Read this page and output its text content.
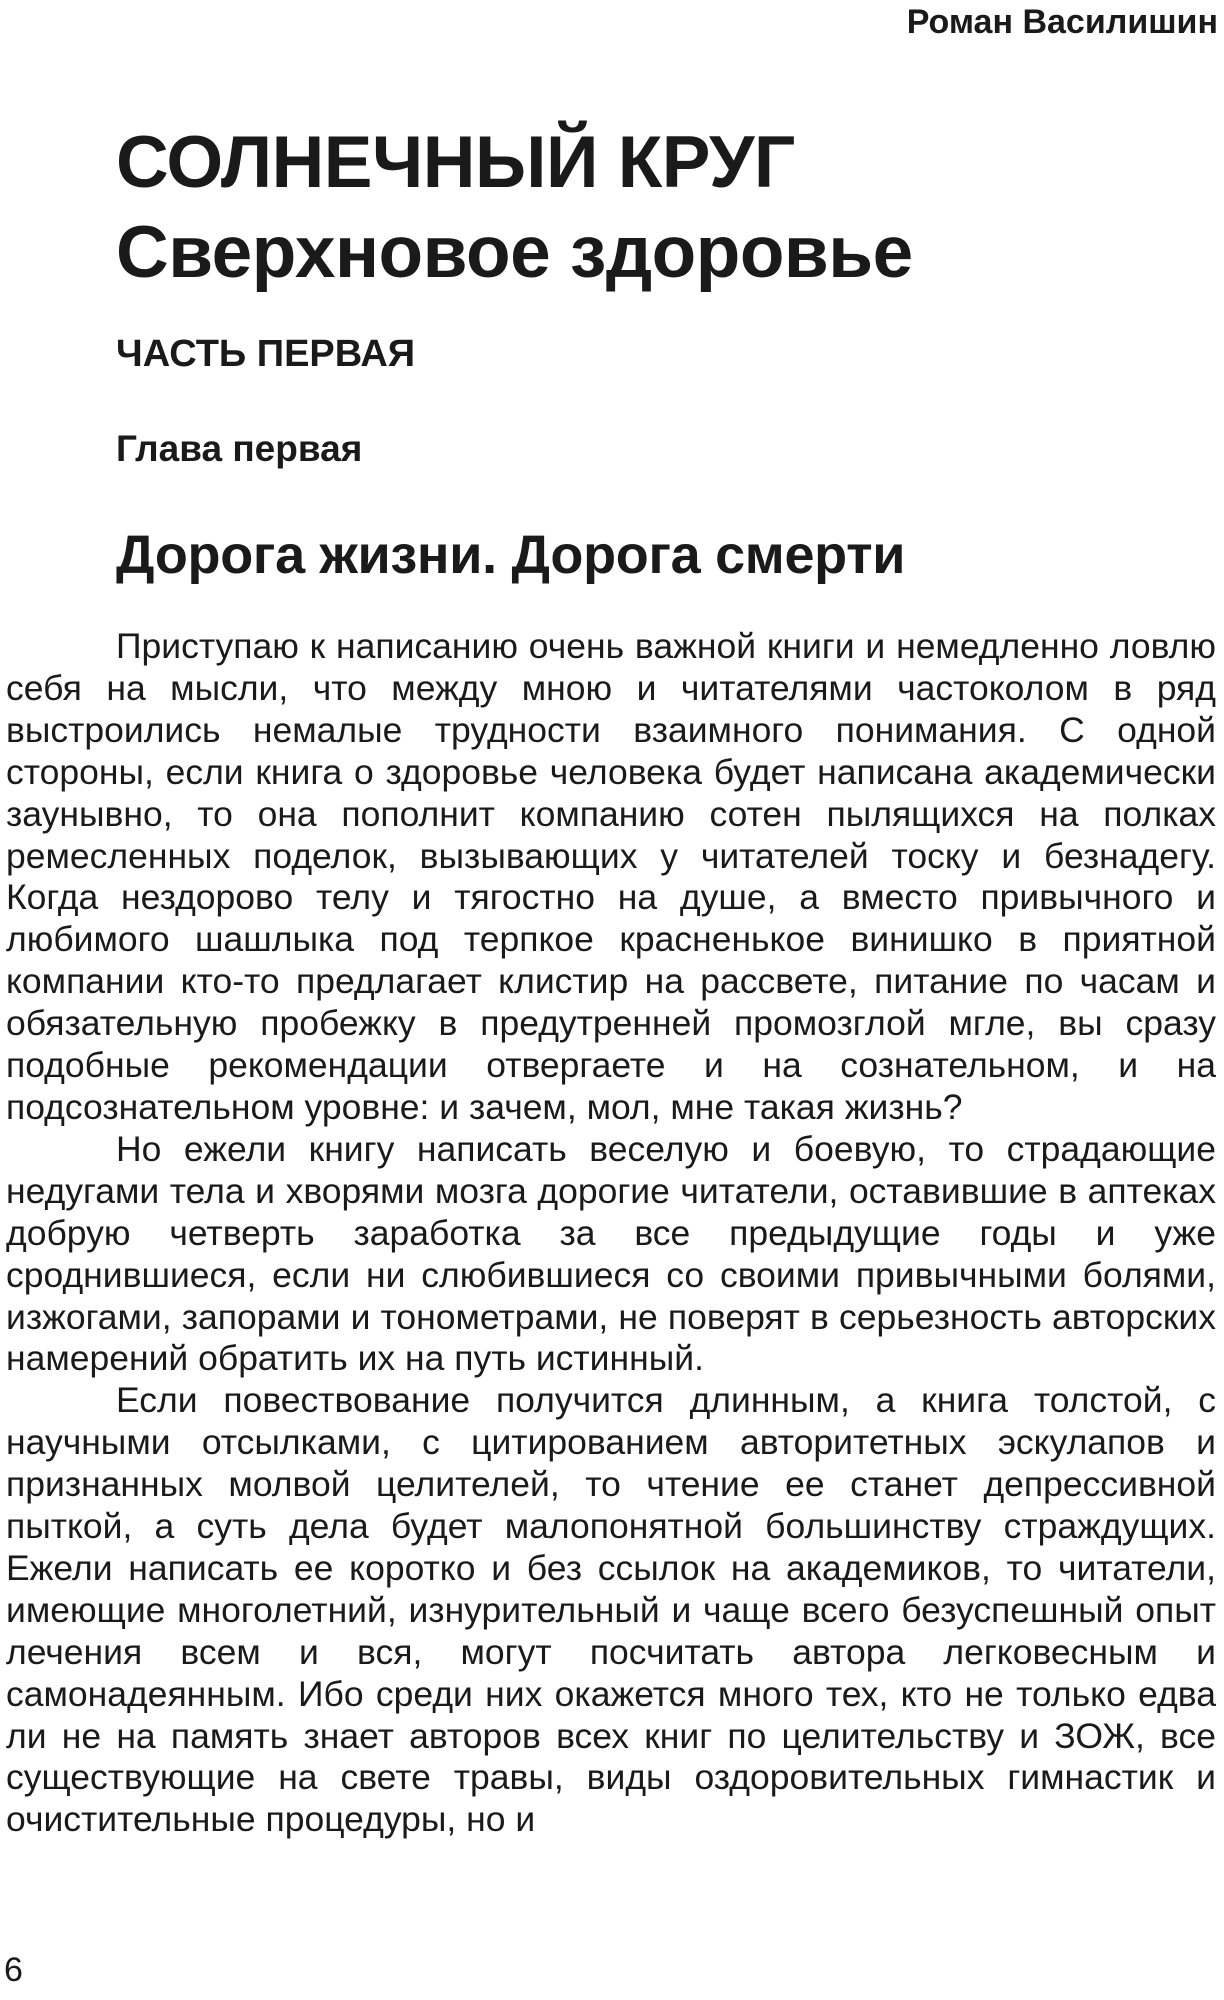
Роман Василишин
СОЛНЕЧНЫЙ КРУГ
Сверхновое здоровье
ЧАСТЬ ПЕРВАЯ
Глава первая
Дорога жизни. Дорога смерти

Приступаю к написанию очень важной книги и немедленно ловлю себя на мысли, что между мною и читателями частоколом в ряд выстроились немалые трудности взаимного понимания. С одной стороны, если книга о здоровье человека будет написана академически заунывно, то она пополнит компанию сотен пылящихся на полках ремесленных поделок, вызывающих у читателей тоску и безнадегу. Когда нездорово телу и тягостно на душе, а вместо привычного и любимого шашлыка под терпкое красненькое винишко в приятной компании кто-то предлагает клистир на рассвете, питание по часам и обязательную пробежку в предутренней промозглой мгле, вы сразу подобные рекомендации отвергаете и на сознательном, и на подсознательном уровне: и зачем, мол, мне такая жизнь?

Но ежели книгу написать веселую и боевую, то страдающие недугами тела и хворями мозга дорогие читатели, оставившие в аптеках добрую четверть заработка за все предыдущие годы и уже сроднившиеся, если ни слюбившиеся со своими привычными болями, изжогами, запорами и тонометрами, не поверят в серьезность авторских намерений обратить их на путь истинный.

Если повествование получится длинным, а книга толстой, с научными отсылками, с цитированием авторитетных эскулапов и признанных молвой целителей, то чтение ее станет депрессивной пыткой, а суть дела будет малопонятной большинству страждущих. Ежели написать ее коротко и без ссылок на академиков, то читатели, имеющие многолетний, изнурительный и чаще всего безуспешный опыт лечения всем и вся, могут посчитать автора легковесным и самонадеянным. Ибо среди них окажется много тех, кто не только едва ли не на память знает авторов всех книг по целительству и ЗОЖ, все существующие на свете травы, виды оздоровительных гимнастик и очистительные процедуры, но и

6
